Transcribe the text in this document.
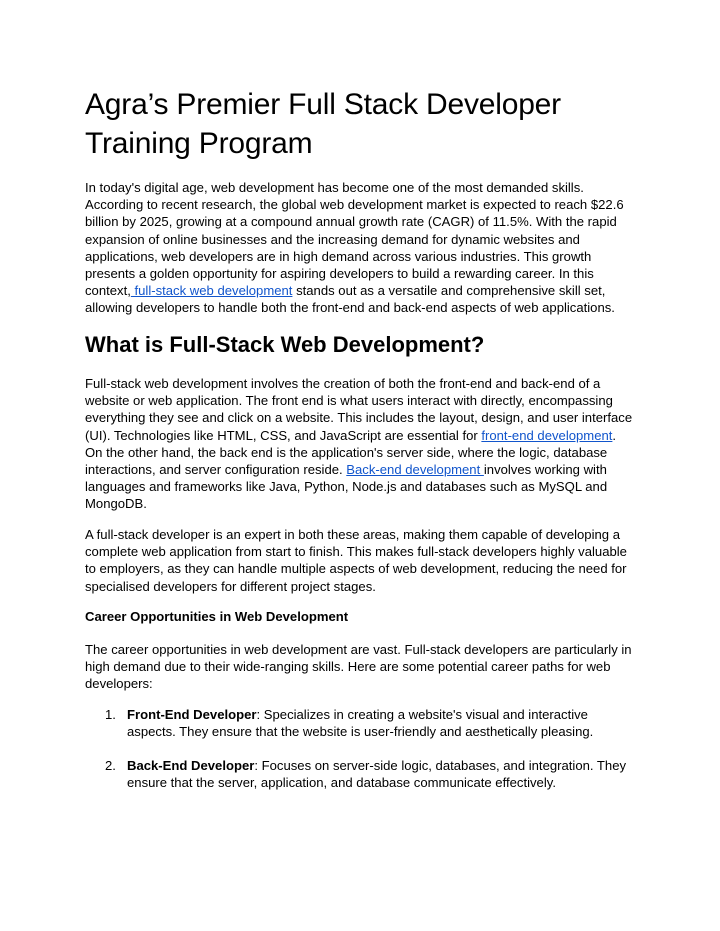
Agra’s Premier Full Stack Developer Training Program

In today's digital age, web development has become one of the most demanded skills. According to recent research, the global web development market is expected to reach $22.6 billion by 2025, growing at a compound annual growth rate (CAGR) of 11.5%. With the rapid expansion of online businesses and the increasing demand for dynamic websites and applications, web developers are in high demand across various industries. This growth presents a golden opportunity for aspiring developers to build a rewarding career. In this context, full-stack web development stands out as a versatile and comprehensive skill set, allowing developers to handle both the front-end and back-end aspects of web applications.

What is Full-Stack Web Development?

Full-stack web development involves the creation of both the front-end and back-end of a website or web application. The front end is what users interact with directly, encompassing everything they see and click on a website. This includes the layout, design, and user interface (UI). Technologies like HTML, CSS, and JavaScript are essential for front-end development. On the other hand, the back end is the application's server side, where the logic, database interactions, and server configuration reside. Back-end development involves working with languages and frameworks like Java, Python, Node.js and databases such as MySQL and MongoDB.

A full-stack developer is an expert in both these areas, making them capable of developing a complete web application from start to finish. This makes full-stack developers highly valuable to employers, as they can handle multiple aspects of web development, reducing the need for specialised developers for different project stages.

Career Opportunities in Web Development

The career opportunities in web development are vast. Full-stack developers are particularly in high demand due to their wide-ranging skills. Here are some potential career paths for web developers:

1. Front-End Developer: Specializes in creating a website's visual and interactive aspects. They ensure that the website is user-friendly and aesthetically pleasing.
2. Back-End Developer: Focuses on server-side logic, databases, and integration. They ensure that the server, application, and database communicate effectively.
